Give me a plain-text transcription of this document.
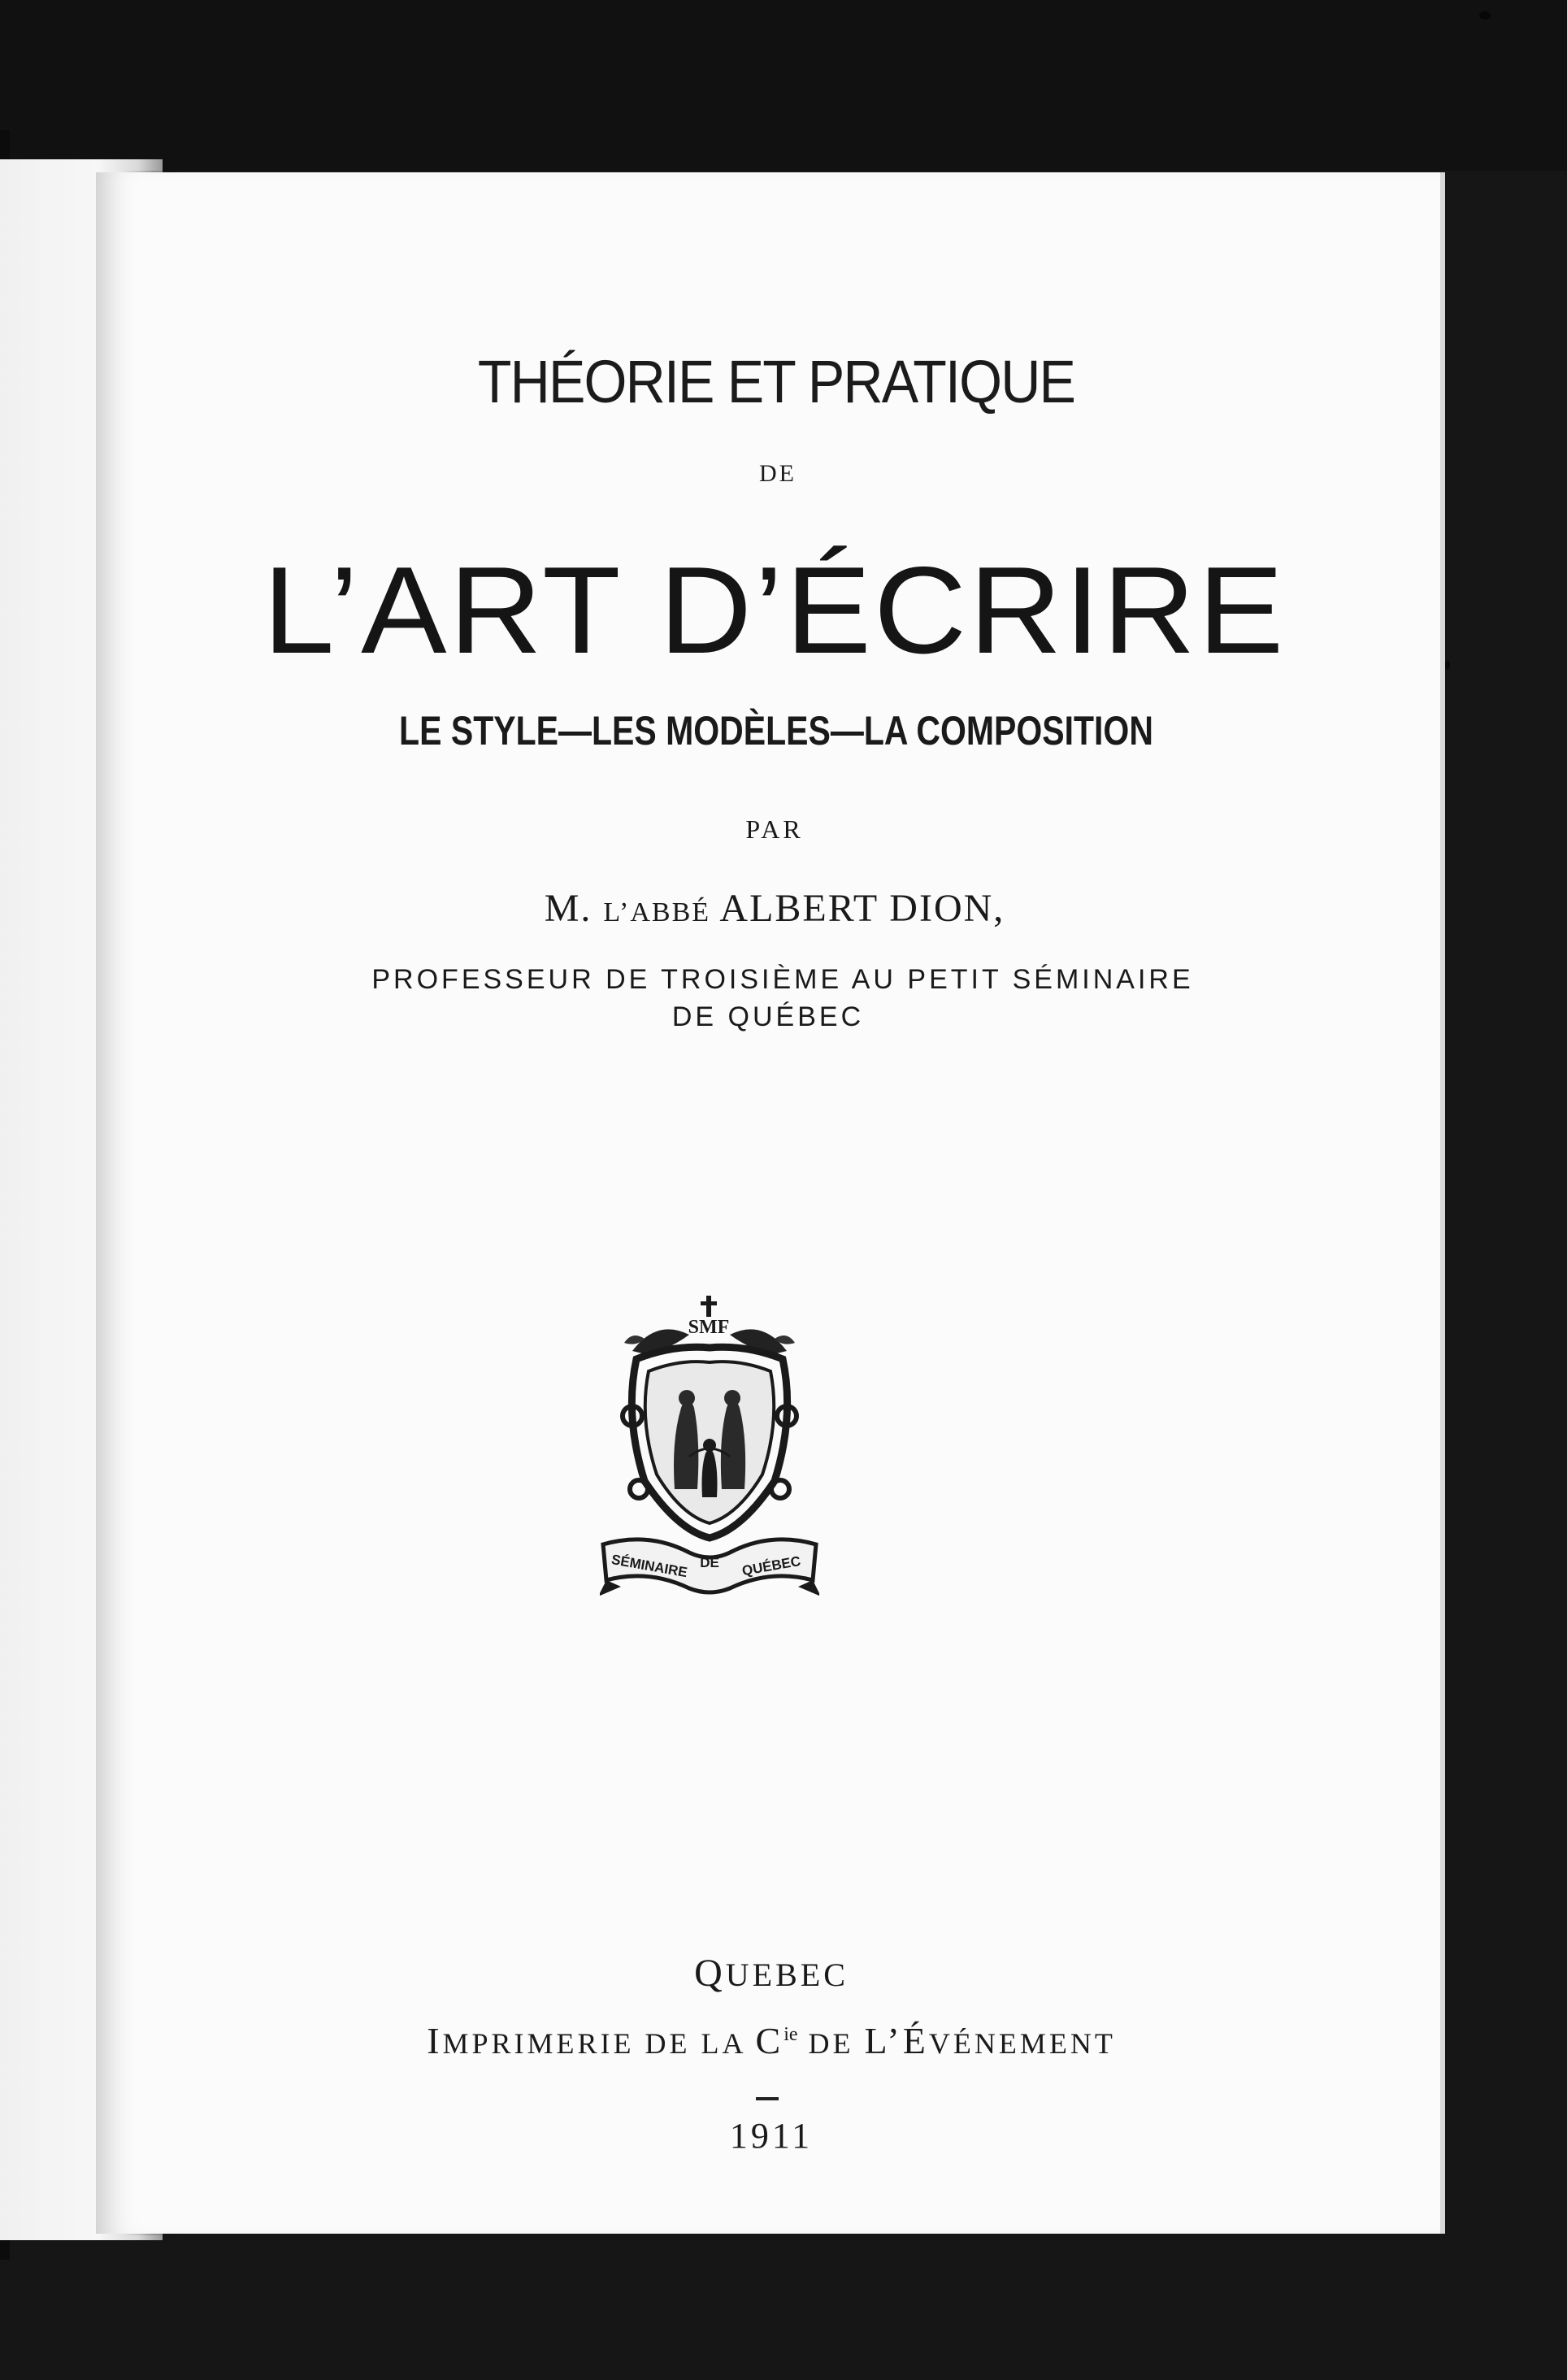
THÉORIE ET PRATIQUE
DE
L’ART D’ÉCRIRE
LE STYLE—LES MODÈLES—LA COMPOSITION
PAR
M. L’ABBÉ ALBERT DION,
PROFESSEUR DE TROISIÈME AU PETIT SÉMINAIRE
DE QUÉBEC
SMF
SÉMINAIRE DE QUÉBEC
QUEBEC
IMPRIMERIE DE LA $C^{ie}$ DE L’ÉVÉNEMENT
1911
